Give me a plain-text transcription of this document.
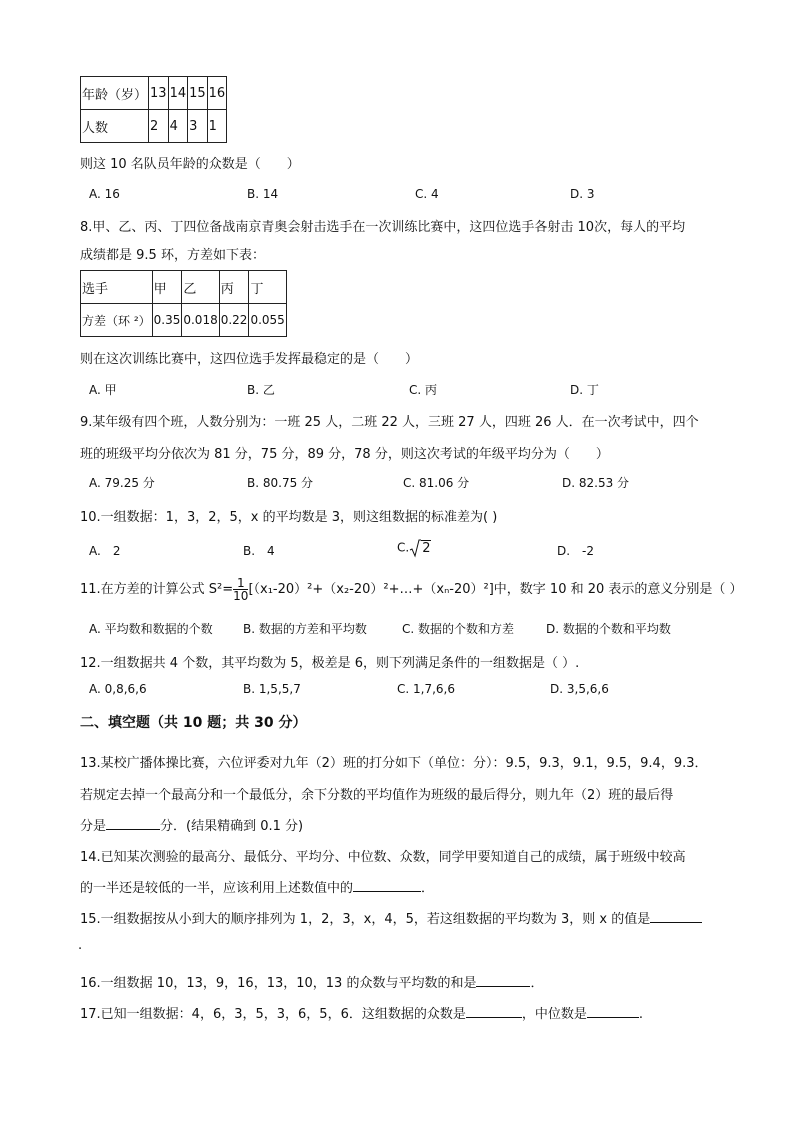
年龄（岁）	13	14	15	16
人数	2	4	3	1
则这 10 名队员年龄的众数是（　　）
A. 16	B. 14	C. 4	D. 3
8.甲、乙、丙、丁四位备战南京青奥会射击选手在一次训练比赛中，这四位选手各射击 10次，每人的平均
成绩都是 9.5 环，方差如下表：
选手	甲	乙	丙	丁
方差（环 ²）	0.35	0.018	0.22	0.055
则在这次训练比赛中，这四位选手发挥最稳定的是（　　）
A. 甲	B. 乙	C. 丙	D. 丁
9.某年级有四个班，人数分别为：一班 25 人，二班 22 人，三班 27 人，四班 26 人．在一次考试中，四个
班的班级平均分依次为 81 分，75 分，89 分，78 分，则这次考试的年级平均分为（　　）
A. 79.25 分	B. 80.75 分	C. 81.06 分	D. 82.53 分
10.一组数据：1，3，2，5，x 的平均数是 3，则这组数据的标准差为( )
A.　2	B.　4	C. 2	D.　-2
11.在方差的计算公式 $S^2= \frac{1}{10}$ [（x₁-20）²+（x₂-20）²+…+（xₙ-20）²]中，数字 10 和 20 表示的意义分别是（ ）
A. 平均数和数据的个数	B. 数据的方差和平均数	C. 数据的个数和方差	D. 数据的个数和平均数
12.一组数据共 4 个数，其平均数为 5，极差是 6，则下列满足条件的一组数据是（ ）.
A. 0,8,6,6	B. 1,5,5,7	C. 1,7,6,6	D. 3,5,6,6
二、填空题（共 10 题；共 30 分）
13.某校广播体操比赛，六位评委对九年（2）班的打分如下（单位：分）：9.5，9.3，9.1，9.5，9.4，9.3．
若规定去掉一个最高分和一个最低分，余下分数的平均值作为班级的最后得分，则九年（2）班的最后得
分是	分．(结果精确到 0.1 分)
14.已知某次测验的最高分、最低分、平均分、中位数、众数，同学甲要知道自己的成绩，属于班级中较高
的一半还是较低的一半，应该利用上述数值中的	．
15.一组数据按从小到大的顺序排列为 1，2，3，x，4，5，若这组数据的平均数为 3，则 x 的值是
.
16.一组数据 10，13，9，16，13，10，13 的众数与平均数的和是	．
17.已知一组数据：4，6，3，5，3，6，5，6．这组数据的众数是	，中位数是	.
